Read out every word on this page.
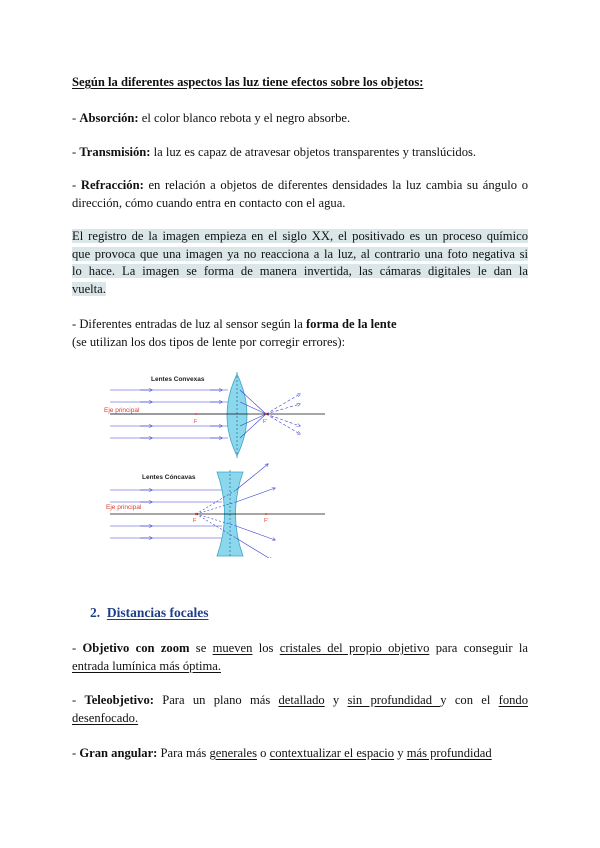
Según la diferentes aspectos las luz tiene efectos sobre los objetos:
- Absorción: el color blanco rebota y el negro absorbe.
- Transmisión: la luz es capaz de atravesar objetos transparentes y translúcidos.
- Refracción: en relación a objetos de diferentes densidades la luz cambia su ángulo o
dirección, cómo cuando entra en contacto con el agua.
El registro de la imagen empieza en el siglo XX, el positivado es un proceso químico
que provoca que una imagen ya no reacciona a la luz, al contrario una foto negativa si
lo hace. La imagen se forma de manera invertida, las cámaras digitales le dan la
vuelta.
- Diferentes entradas de luz al sensor según la forma de la lente
(se utilizan los dos tipos de lente por corregir errores):
Lentes Convexas
Eje principal
F	F'
Lentes Cóncavas
Eje principal
F	F'
2. Distancias focales
- Objetivo con zoom se mueven los cristales del propio objetivo para conseguir la
entrada lumínica más óptima.
- Teleobjetivo: Para un plano más detallado y sin profundidad y con el fondo
desenfocado.
- Gran angular: Para más generales o contextualizar el espacio y más profundidad
